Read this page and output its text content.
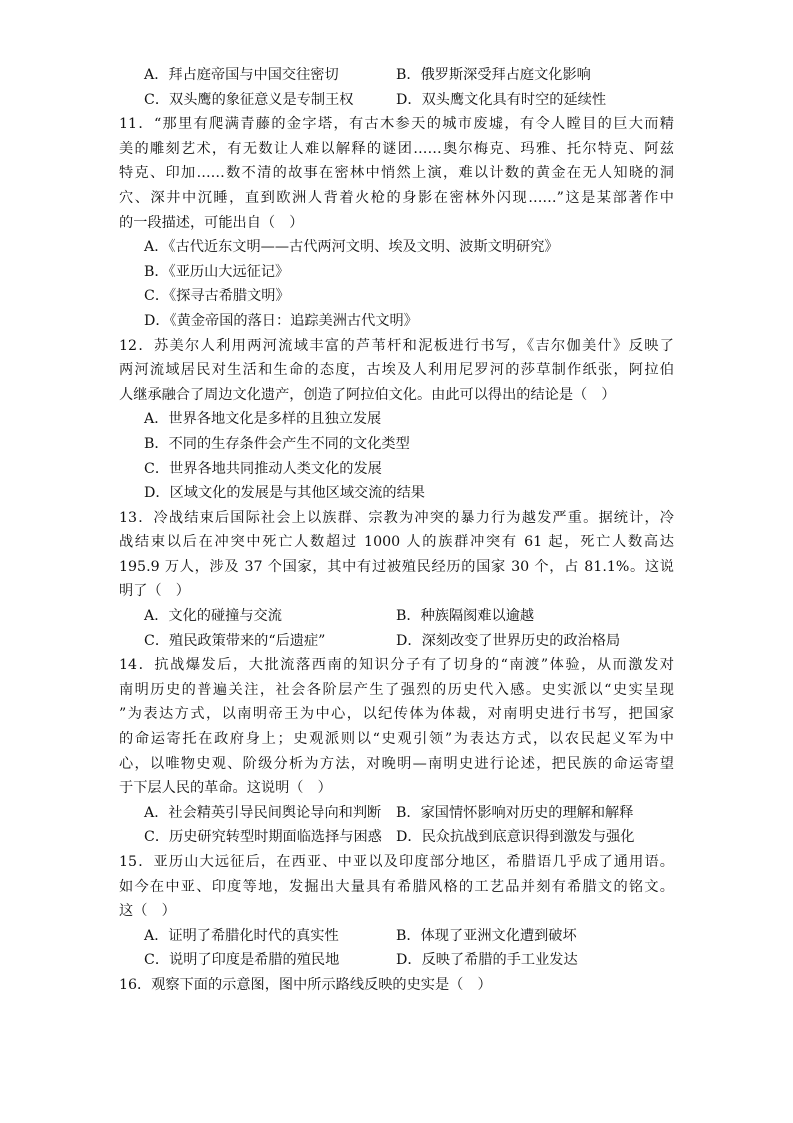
A．拜占庭帝国与中国交往密切	B．俄罗斯深受拜占庭文化影响
C．双头鹰的象征意义是专制王权	D．双头鹰文化具有时空的延续性
11．“那里有爬满青藤的金字塔，有古木参天的城市废墟，有令人瞠目的巨大而精
美的雕刻艺术，有无数让人难以解释的谜团……奥尔梅克、玛雅、托尔特克、阿兹
特克、印加……数不清的故事在密林中悄然上演，难以计数的黄金在无人知晓的洞
穴、深井中沉睡，直到欧洲人背着火枪的身影在密林外闪现……”这是某部著作中
的一段描述，可能出自（　）
A．《古代近东文明——古代两河文明、埃及文明、波斯文明研究》
B．《亚历山大远征记》
C．《探寻古希腊文明》
D．《黄金帝国的落日：追踪美洲古代文明》
12．苏美尔人利用两河流域丰富的芦苇杆和泥板进行书写，《吉尔伽美什》反映了
两河流域居民对生活和生命的态度，古埃及人利用尼罗河的莎草制作纸张，阿拉伯
人继承融合了周边文化遗产，创造了阿拉伯文化。由此可以得出的结论是（　）
A．世界各地文化是多样的且独立发展
B．不同的生存条件会产生不同的文化类型
C．世界各地共同推动人类文化的发展
D．区域文化的发展是与其他区域交流的结果
13．冷战结束后国际社会上以族群、宗教为冲突的暴力行为越发严重。据统计，冷
战结束以后在冲突中死亡人数超过 1000 人的族群冲突有 61 起，死亡人数高达
195.9 万人，涉及 37 个国家，其中有过被殖民经历的国家 30 个，占 81.1%。这说
明了（　）
A．文化的碰撞与交流	B．种族隔阂难以逾越
C．殖民政策带来的“后遗症”	D．深刻改变了世界历史的政治格局
14．抗战爆发后，大批流落西南的知识分子有了切身的“南渡”体验，从而激发对
南明历史的普遍关注，社会各阶层产生了强烈的历史代入感。史实派以“史实呈现
”为表达方式，以南明帝王为中心，以纪传体为体裁，对南明史进行书写，把国家
的命运寄托在政府身上；史观派则以“史观引领”为表达方式，以农民起义军为中
心，以唯物史观、阶级分析为方法，对晚明—南明史进行论述，把民族的命运寄望
于下层人民的革命。这说明（　）
A．社会精英引导民间舆论导向和判断	B．家国情怀影响对历史的理解和解释
C．历史研究转型时期面临选择与困惑 D．民众抗战到底意识得到激发与强化
15．亚历山大远征后，在西亚、中亚以及印度部分地区，希腊语几乎成了通用语。
如今在中亚、印度等地，发掘出大量具有希腊风格的工艺品并刻有希腊文的铭文。
这（　）
A．证明了希腊化时代的真实性	B．体现了亚洲文化遭到破坏
C．说明了印度是希腊的殖民地	D．反映了希腊的手工业发达
16．观察下面的示意图，图中所示路线反映的史实是（　）
